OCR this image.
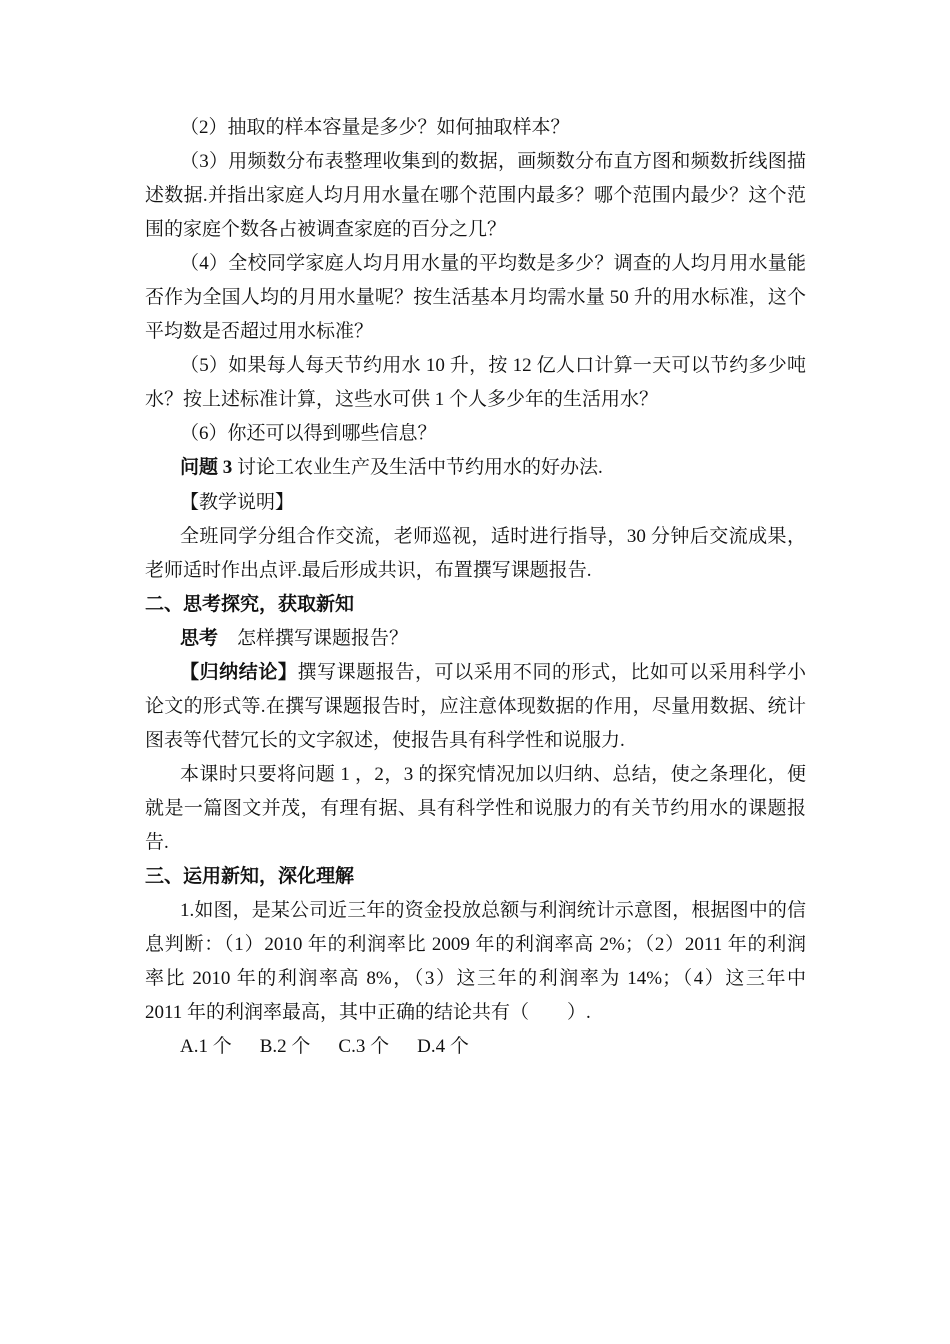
（2）抽取的样本容量是多少？如何抽取样本？
（3）用频数分布表整理收集到的数据，画频数分布直方图和频数折线图描
述数据.并指出家庭人均月用水量在哪个范围内最多？哪个范围内最少？这个范
围的家庭个数各占被调查家庭的百分之几？
（4）全校同学家庭人均月用水量的平均数是多少？调查的人均月用水量能
否作为全国人均的月用水量呢？按生活基本月均需水量 50 升的用水标准，这个
平均数是否超过用水标准？
（5）如果每人每天节约用水 10 升，按 12 亿人口计算一天可以节约多少吨
水？按上述标准计算，这些水可供 1 个人多少年的生活用水？
（6）你还可以得到哪些信息？
问题 3 讨论工农业生产及生活中节约用水的好办法.
【教学说明】
全班同学分组合作交流，老师巡视，适时进行指导，30 分钟后交流成果，
老师适时作出点评.最后形成共识，布置撰写课题报告.
二、思考探究，获取新知
思考　怎样撰写课题报告？
【归纳结论】撰写课题报告，可以采用不同的形式，比如可以采用科学小
论文的形式等.在撰写课题报告时，应注意体现数据的作用，尽量用数据、统计
图表等代替冗长的文字叙述，使报告具有科学性和说服力.
本课时只要将问题 1 ，2，3 的探究情况加以归纳、总结，使之条理化，便
就是一篇图文并茂，有理有据、具有科学性和说服力的有关节约用水的课题报
告.
三、运用新知，深化理解
1.如图，是某公司近三年的资金投放总额与利润统计示意图，根据图中的信
息判断：（1）2010 年的利润率比 2009 年的利润率高 2%；（2）2011 年的利润
率比 2010 年的利润率高 8%，（3）这三年的利润率为 14%；（4）这三年中
2011 年的利润率最高，其中正确的结论共有（　　）.
A.1 个 B.2 个 C.3 个 D.4 个
